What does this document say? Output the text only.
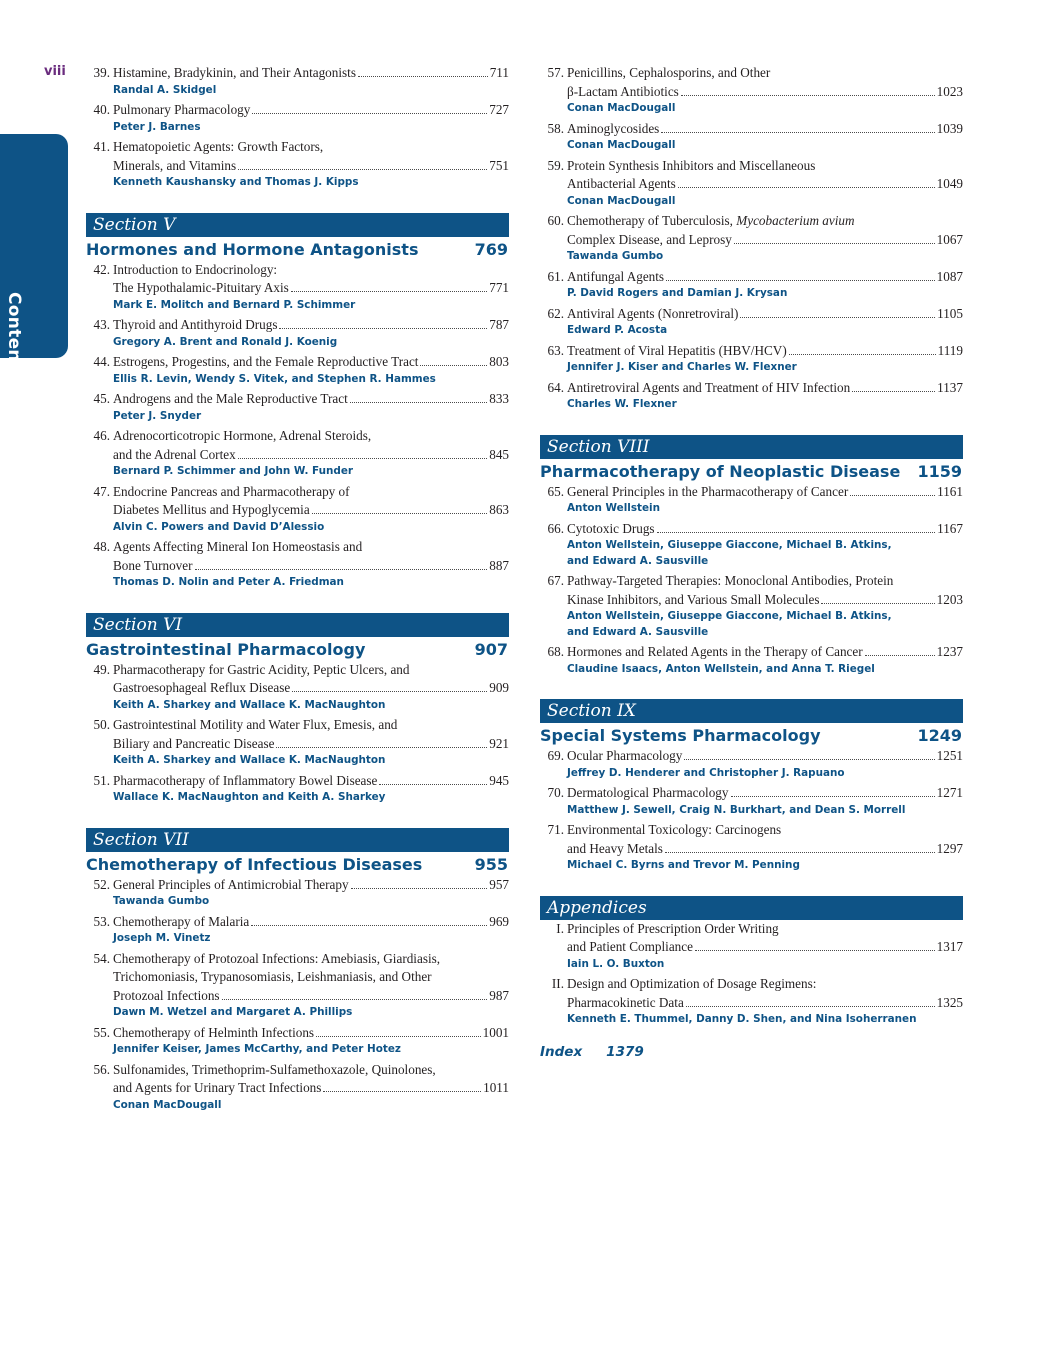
viii
Contents
39. Histamine, Bradykinin, and Their Antagonists	711
Randal A. Skidgel
40. Pulmonary Pharmacology	727
Peter J. Barnes
41. Hematopoietic Agents: Growth Factors,
Minerals, and Vitamins	751
Kenneth Kaushansky and Thomas J. Kipps
Section V
Hormones and Hormone Antagonists	769
42. Introduction to Endocrinology:
The Hypothalamic-Pituitary Axis	771
Mark E. Molitch and Bernard P. Schimmer
43. Thyroid and Antithyroid Drugs	787
Gregory A. Brent and Ronald J. Koenig
44. Estrogens, Progestins, and the Female Reproductive Tract	803
Ellis R. Levin, Wendy S. Vitek, and Stephen R. Hammes
45. Androgens and the Male Reproductive Tract	833
Peter J. Snyder
46. Adrenocorticotropic Hormone, Adrenal Steroids,
and the Adrenal Cortex	845
Bernard P. Schimmer and John W. Funder
47. Endocrine Pancreas and Pharmacotherapy of
Diabetes Mellitus and Hypoglycemia	863
Alvin C. Powers and David D’Alessio
48. Agents Affecting Mineral Ion Homeostasis and
Bone Turnover	887
Thomas D. Nolin and Peter A. Friedman
Section VI
Gastrointestinal Pharmacology	907
49. Pharmacotherapy for Gastric Acidity, Peptic Ulcers, and
Gastroesophageal Reflux Disease	909
Keith A. Sharkey and Wallace K. MacNaughton
50. Gastrointestinal Motility and Water Flux, Emesis, and
Biliary and Pancreatic Disease	921
Keith A. Sharkey and Wallace K. MacNaughton
51. Pharmacotherapy of Inflammatory Bowel Disease	945
Wallace K. MacNaughton and Keith A. Sharkey
Section VII
Chemotherapy of Infectious Diseases	955
52. General Principles of Antimicrobial Therapy	957
Tawanda Gumbo
53. Chemotherapy of Malaria	969
Joseph M. Vinetz
54. Chemotherapy of Protozoal Infections: Amebiasis, Giardiasis,
Trichomoniasis, Trypanosomiasis, Leishmaniasis, and Other
Protozoal Infections	987
Dawn M. Wetzel and Margaret A. Phillips
55. Chemotherapy of Helminth Infections	1001
Jennifer Keiser, James McCarthy, and Peter Hotez
56. Sulfonamides, Trimethoprim-Sulfamethoxazole, Quinolones,
and Agents for Urinary Tract Infections	1011
Conan MacDougall
57. Penicillins, Cephalosporins, and Other
β-Lactam Antibiotics	1023
Conan MacDougall
58. Aminoglycosides	1039
Conan MacDougall
59. Protein Synthesis Inhibitors and Miscellaneous
Antibacterial Agents	1049
Conan MacDougall
60. Chemotherapy of Tuberculosis, Mycobacterium avium
Complex Disease, and Leprosy	1067
Tawanda Gumbo
61. Antifungal Agents	1087
P. David Rogers and Damian J. Krysan
62. Antiviral Agents (Nonretroviral)	1105
Edward P. Acosta
63. Treatment of Viral Hepatitis (HBV/HCV)	1119
Jennifer J. Kiser and Charles W. Flexner
64. Antiretroviral Agents and Treatment of HIV Infection	1137
Charles W. Flexner
Section VIII
Pharmacotherapy of Neoplastic Disease 1159
65. General Principles in the Pharmacotherapy of Cancer	1161
Anton Wellstein
66. Cytotoxic Drugs	1167
Anton Wellstein, Giuseppe Giaccone, Michael B. Atkins,
and Edward A. Sausville
67. Pathway-Targeted Therapies: Monoclonal Antibodies, Protein
Kinase Inhibitors, and Various Small Molecules	1203
Anton Wellstein, Giuseppe Giaccone, Michael B. Atkins,
and Edward A. Sausville
68. Hormones and Related Agents in the Therapy of Cancer	1237
Claudine Isaacs, Anton Wellstein, and Anna T. Riegel
Section IX
Special Systems Pharmacology	1249
69. Ocular Pharmacology	1251
Jeffrey D. Henderer and Christopher J. Rapuano
70. Dermatological Pharmacology	1271
Matthew J. Sewell, Craig N. Burkhart, and Dean S. Morrell
71. Environmental Toxicology: Carcinogens
and Heavy Metals	1297
Michael C. Byrns and Trevor M. Penning
Appendices
I. Principles of Prescription Order Writing
and Patient Compliance	1317
Iain L. O. Buxton
II. Design and Optimization of Dosage Regimens:
Pharmacokinetic Data	1325
Kenneth E. Thummel, Danny D. Shen, and Nina Isoherranen
Index 1379
